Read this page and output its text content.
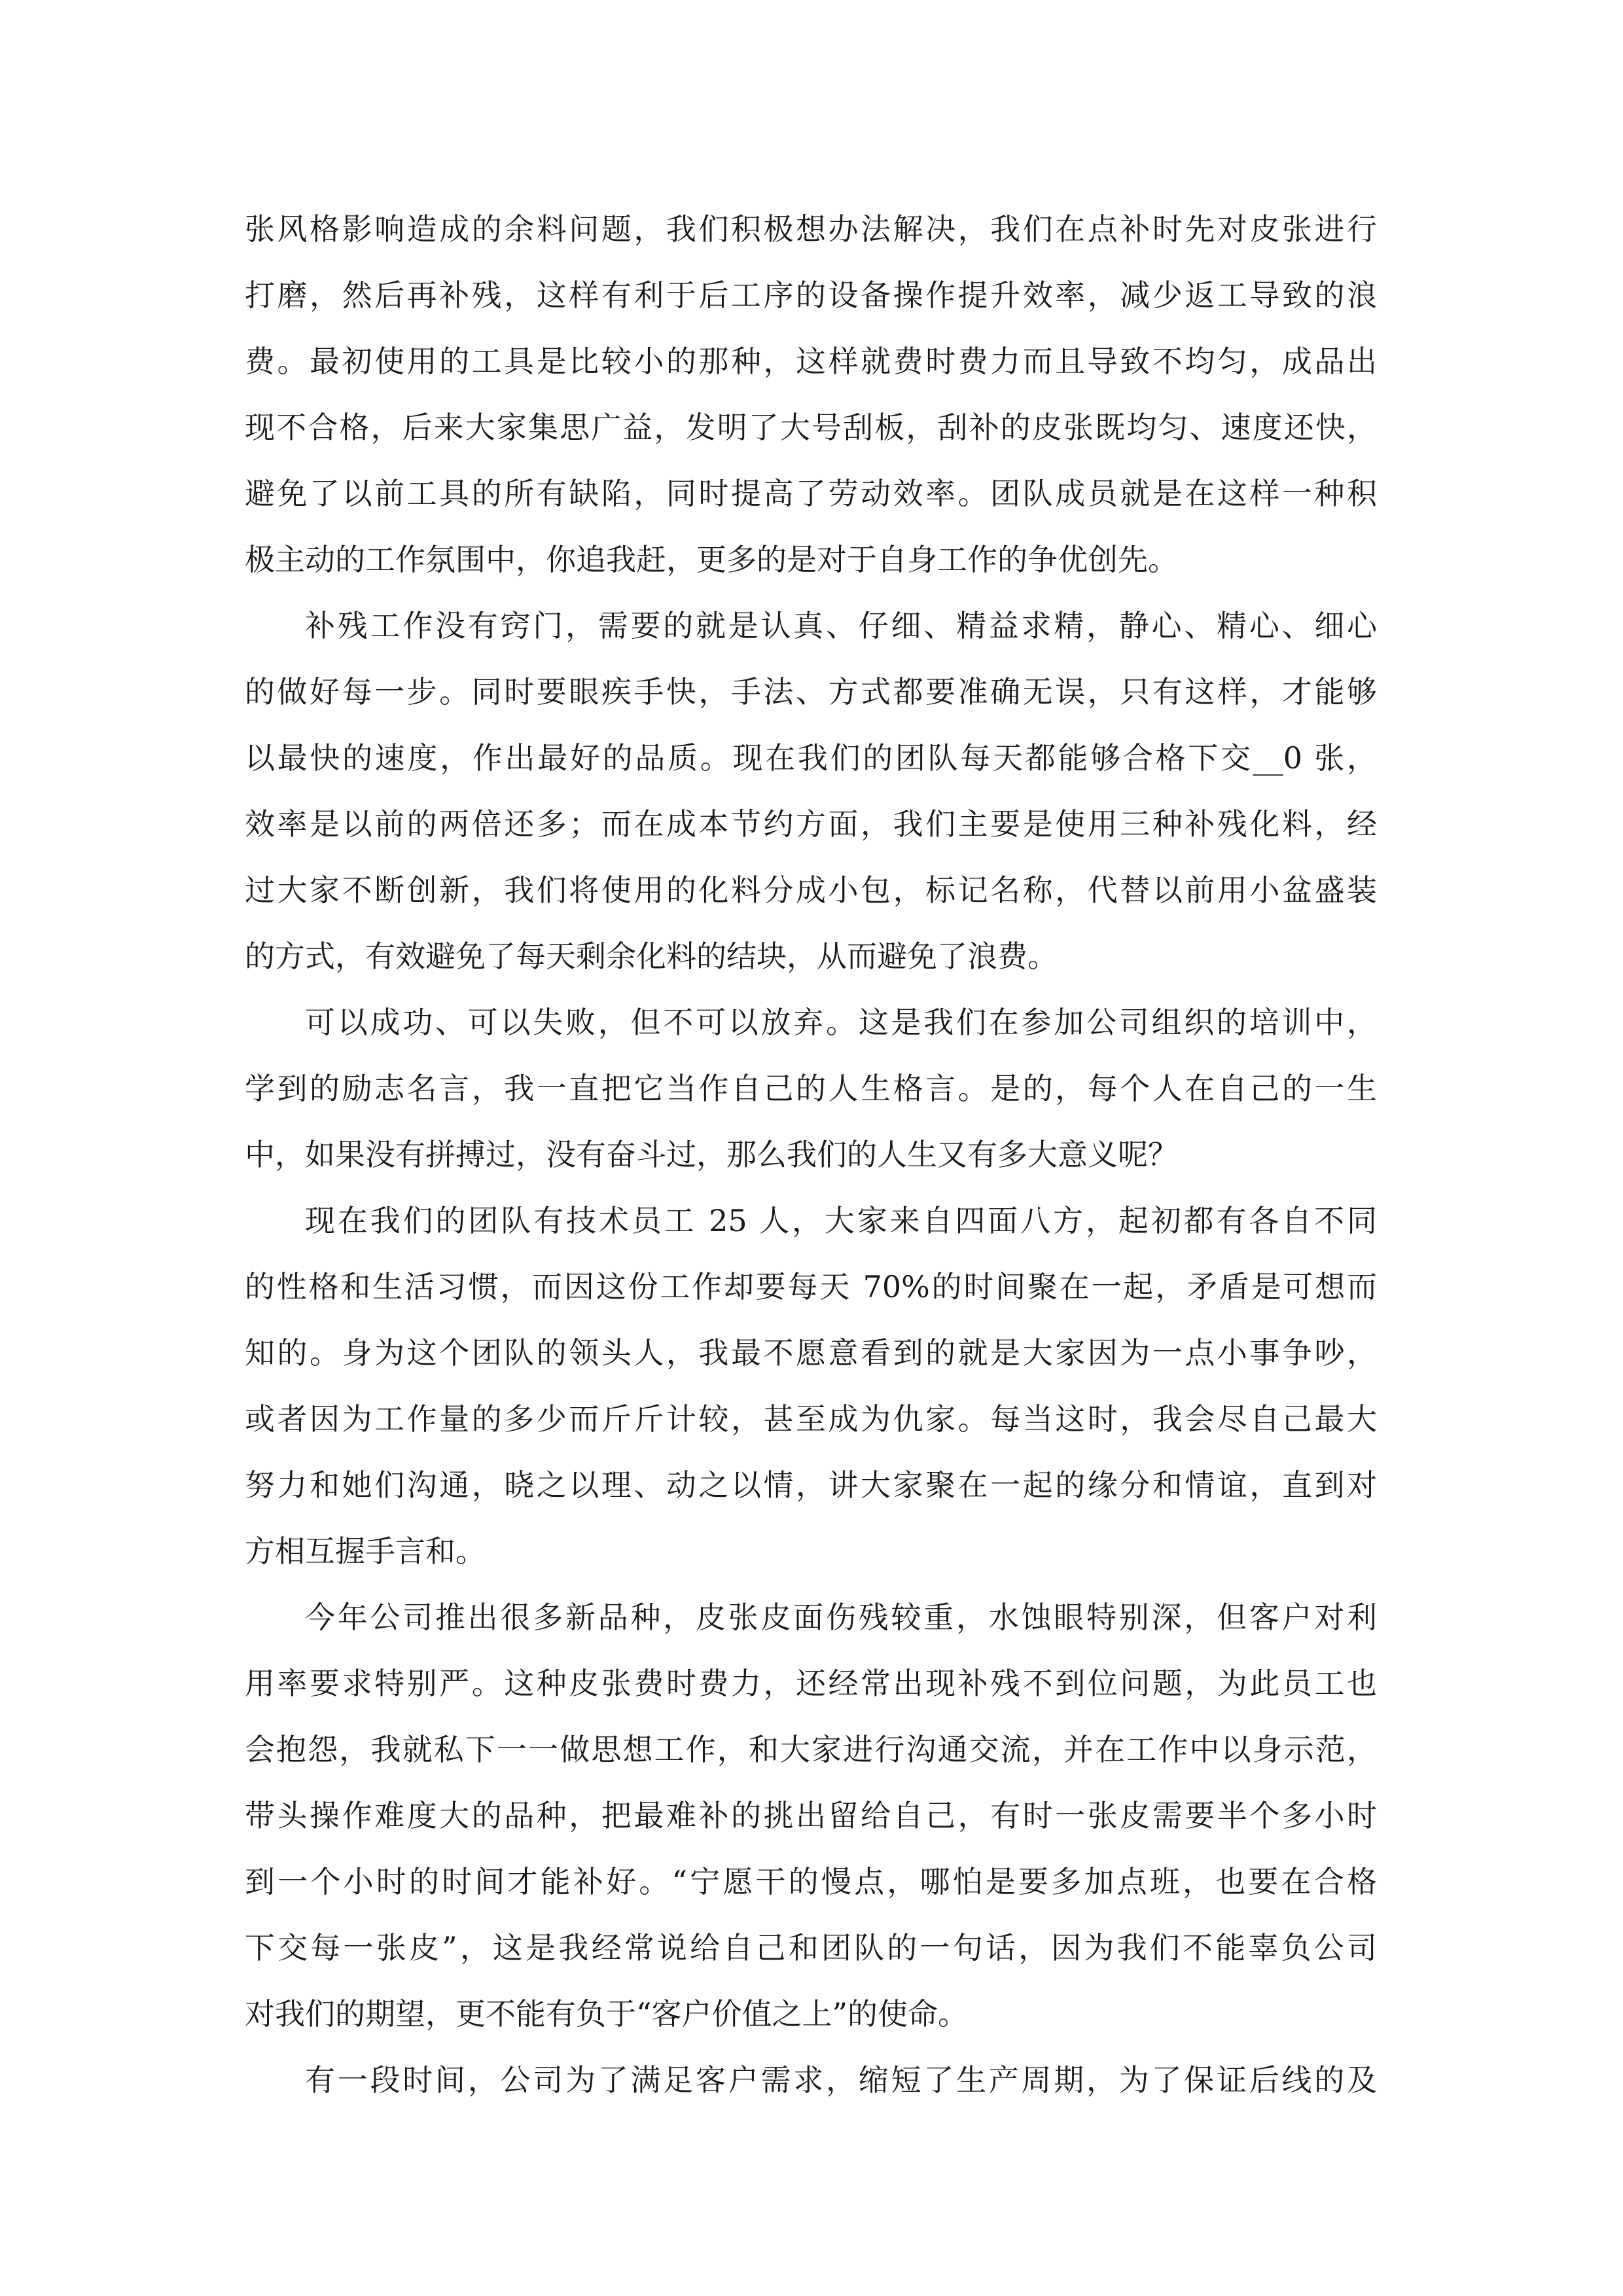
张风格影响造成的余料问题，我们积极想办法解决，我们在点补时先对皮张进行
打磨，然后再补残，这样有利于后工序的设备操作提升效率，减少返工导致的浪
费。最初使用的工具是比较小的那种，这样就费时费力而且导致不均匀，成品出
现不合格，后来大家集思广益，发明了大号刮板，刮补的皮张既均匀、速度还快，
避免了以前工具的所有缺陷，同时提高了劳动效率。团队成员就是在这样一种积
极主动的工作氛围中，你追我赶，更多的是对于自身工作的争优创先。
补残工作没有窍门，需要的就是认真、仔细、精益求精，静心、精心、细心
的做好每一步。同时要眼疾手快，手法、方式都要准确无误，只有这样，才能够
以最快的速度，作出最好的品质。现在我们的团队每天都能够合格下交__0 张，
效率是以前的两倍还多；而在成本节约方面，我们主要是使用三种补残化料，经
过大家不断创新，我们将使用的化料分成小包，标记名称，代替以前用小盆盛装
的方式，有效避免了每天剩余化料的结块，从而避免了浪费。
可以成功、可以失败，但不可以放弃。这是我们在参加公司组织的培训中，
学到的励志名言，我一直把它当作自己的人生格言。是的，每个人在自己的一生
中，如果没有拼搏过，没有奋斗过，那么我们的人生又有多大意义呢？
现在我们的团队有技术员工 25 人，大家来自四面八方，起初都有各自不同
的性格和生活习惯，而因这份工作却要每天 70%的时间聚在一起，矛盾是可想而
知的。身为这个团队的领头人，我最不愿意看到的就是大家因为一点小事争吵，
或者因为工作量的多少而斤斤计较，甚至成为仇家。每当这时，我会尽自己最大
努力和她们沟通，晓之以理、动之以情，讲大家聚在一起的缘分和情谊，直到对
方相互握手言和。
今年公司推出很多新品种，皮张皮面伤残较重，水蚀眼特别深，但客户对利
用率要求特别严。这种皮张费时费力，还经常出现补残不到位问题，为此员工也
会抱怨，我就私下一一做思想工作，和大家进行沟通交流，并在工作中以身示范，
带头操作难度大的品种，把最难补的挑出留给自己，有时一张皮需要半个多小时
到一个小时的时间才能补好。“宁愿干的慢点，哪怕是要多加点班，也要在合格
下交每一张皮”，这是我经常说给自己和团队的一句话，因为我们不能辜负公司
对我们的期望，更不能有负于“客户价值之上”的使命。
有一段时间，公司为了满足客户需求，缩短了生产周期，为了保证后线的及
